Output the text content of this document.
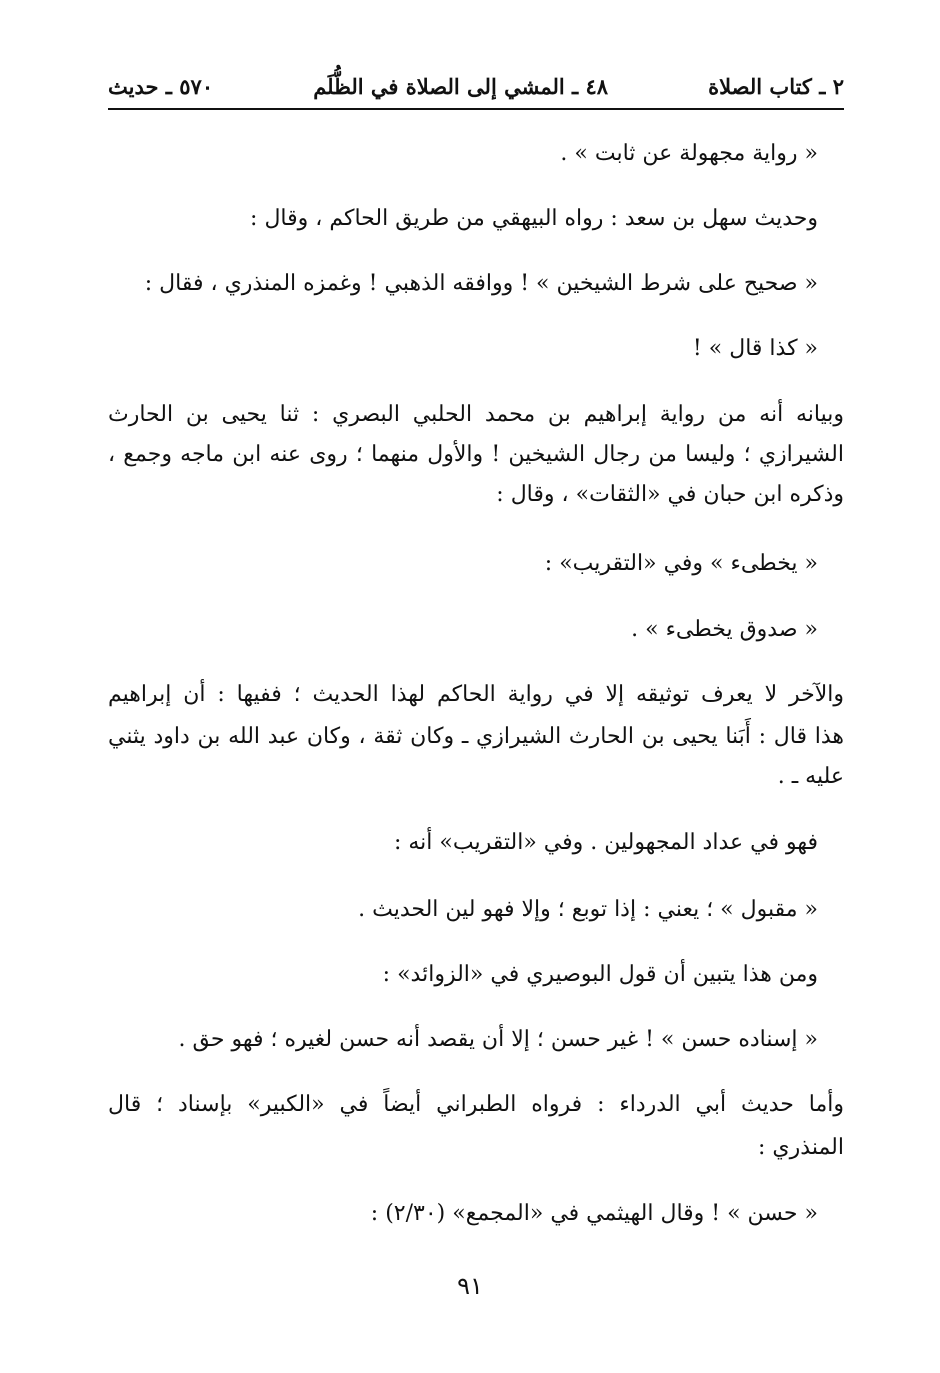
٢ ـ كتاب الصلاة
٤٨ ـ المشي إلى الصلاة في الظُّلَم
٥٧٠ ـ حديث
« رواية مجهولة عن ثابت » .
وحديث سهل بن سعد : رواه البيهقي من طريق الحاكم ، وقال :
« صحيح على شرط الشيخين » ! ووافقه الذهبي ! وغمزه المنذري ، فقال :
« كذا قال » !
وبيانه أنه من رواية إبراهيم بن محمد الحلبي البصري : ثنا يحيى بن الحارث
الشيرازي ؛ وليسا من رجال الشيخين ! والأول منهما ؛ روى عنه ابن ماجه وجمع ،
وذكره ابن حبان في «الثقات» ، وقال :
« يخطىء » وفي «التقريب» :
« صدوق يخطىء » .
والآخر لا يعرف توثيقه إلا في رواية الحاكم لهذا الحديث ؛ ففيها : أن إبراهيم
هذا قال : أَبَنا يحيى بن الحارث الشيرازي ـ وكان ثقة ، وكان عبد الله بن داود يثني
عليه ـ .
فهو في عداد المجهولين . وفي «التقريب» أنه :
« مقبول » ؛ يعني : إذا توبع ؛ وإلا فهو لين الحديث .
ومن هذا يتبين أن قول البوصيري في «الزوائد» :
« إسناده حسن » ! غير حسن ؛ إلا أن يقصد أنه حسن لغيره ؛ فهو حق .
وأما حديث أبي الدرداء : فرواه الطبراني أيضاً في «الكبير» بإسناد ؛ قال
المنذري :
« حسن » ! وقال الهيثمي في «المجمع» (٢/٣٠) :
٩١
